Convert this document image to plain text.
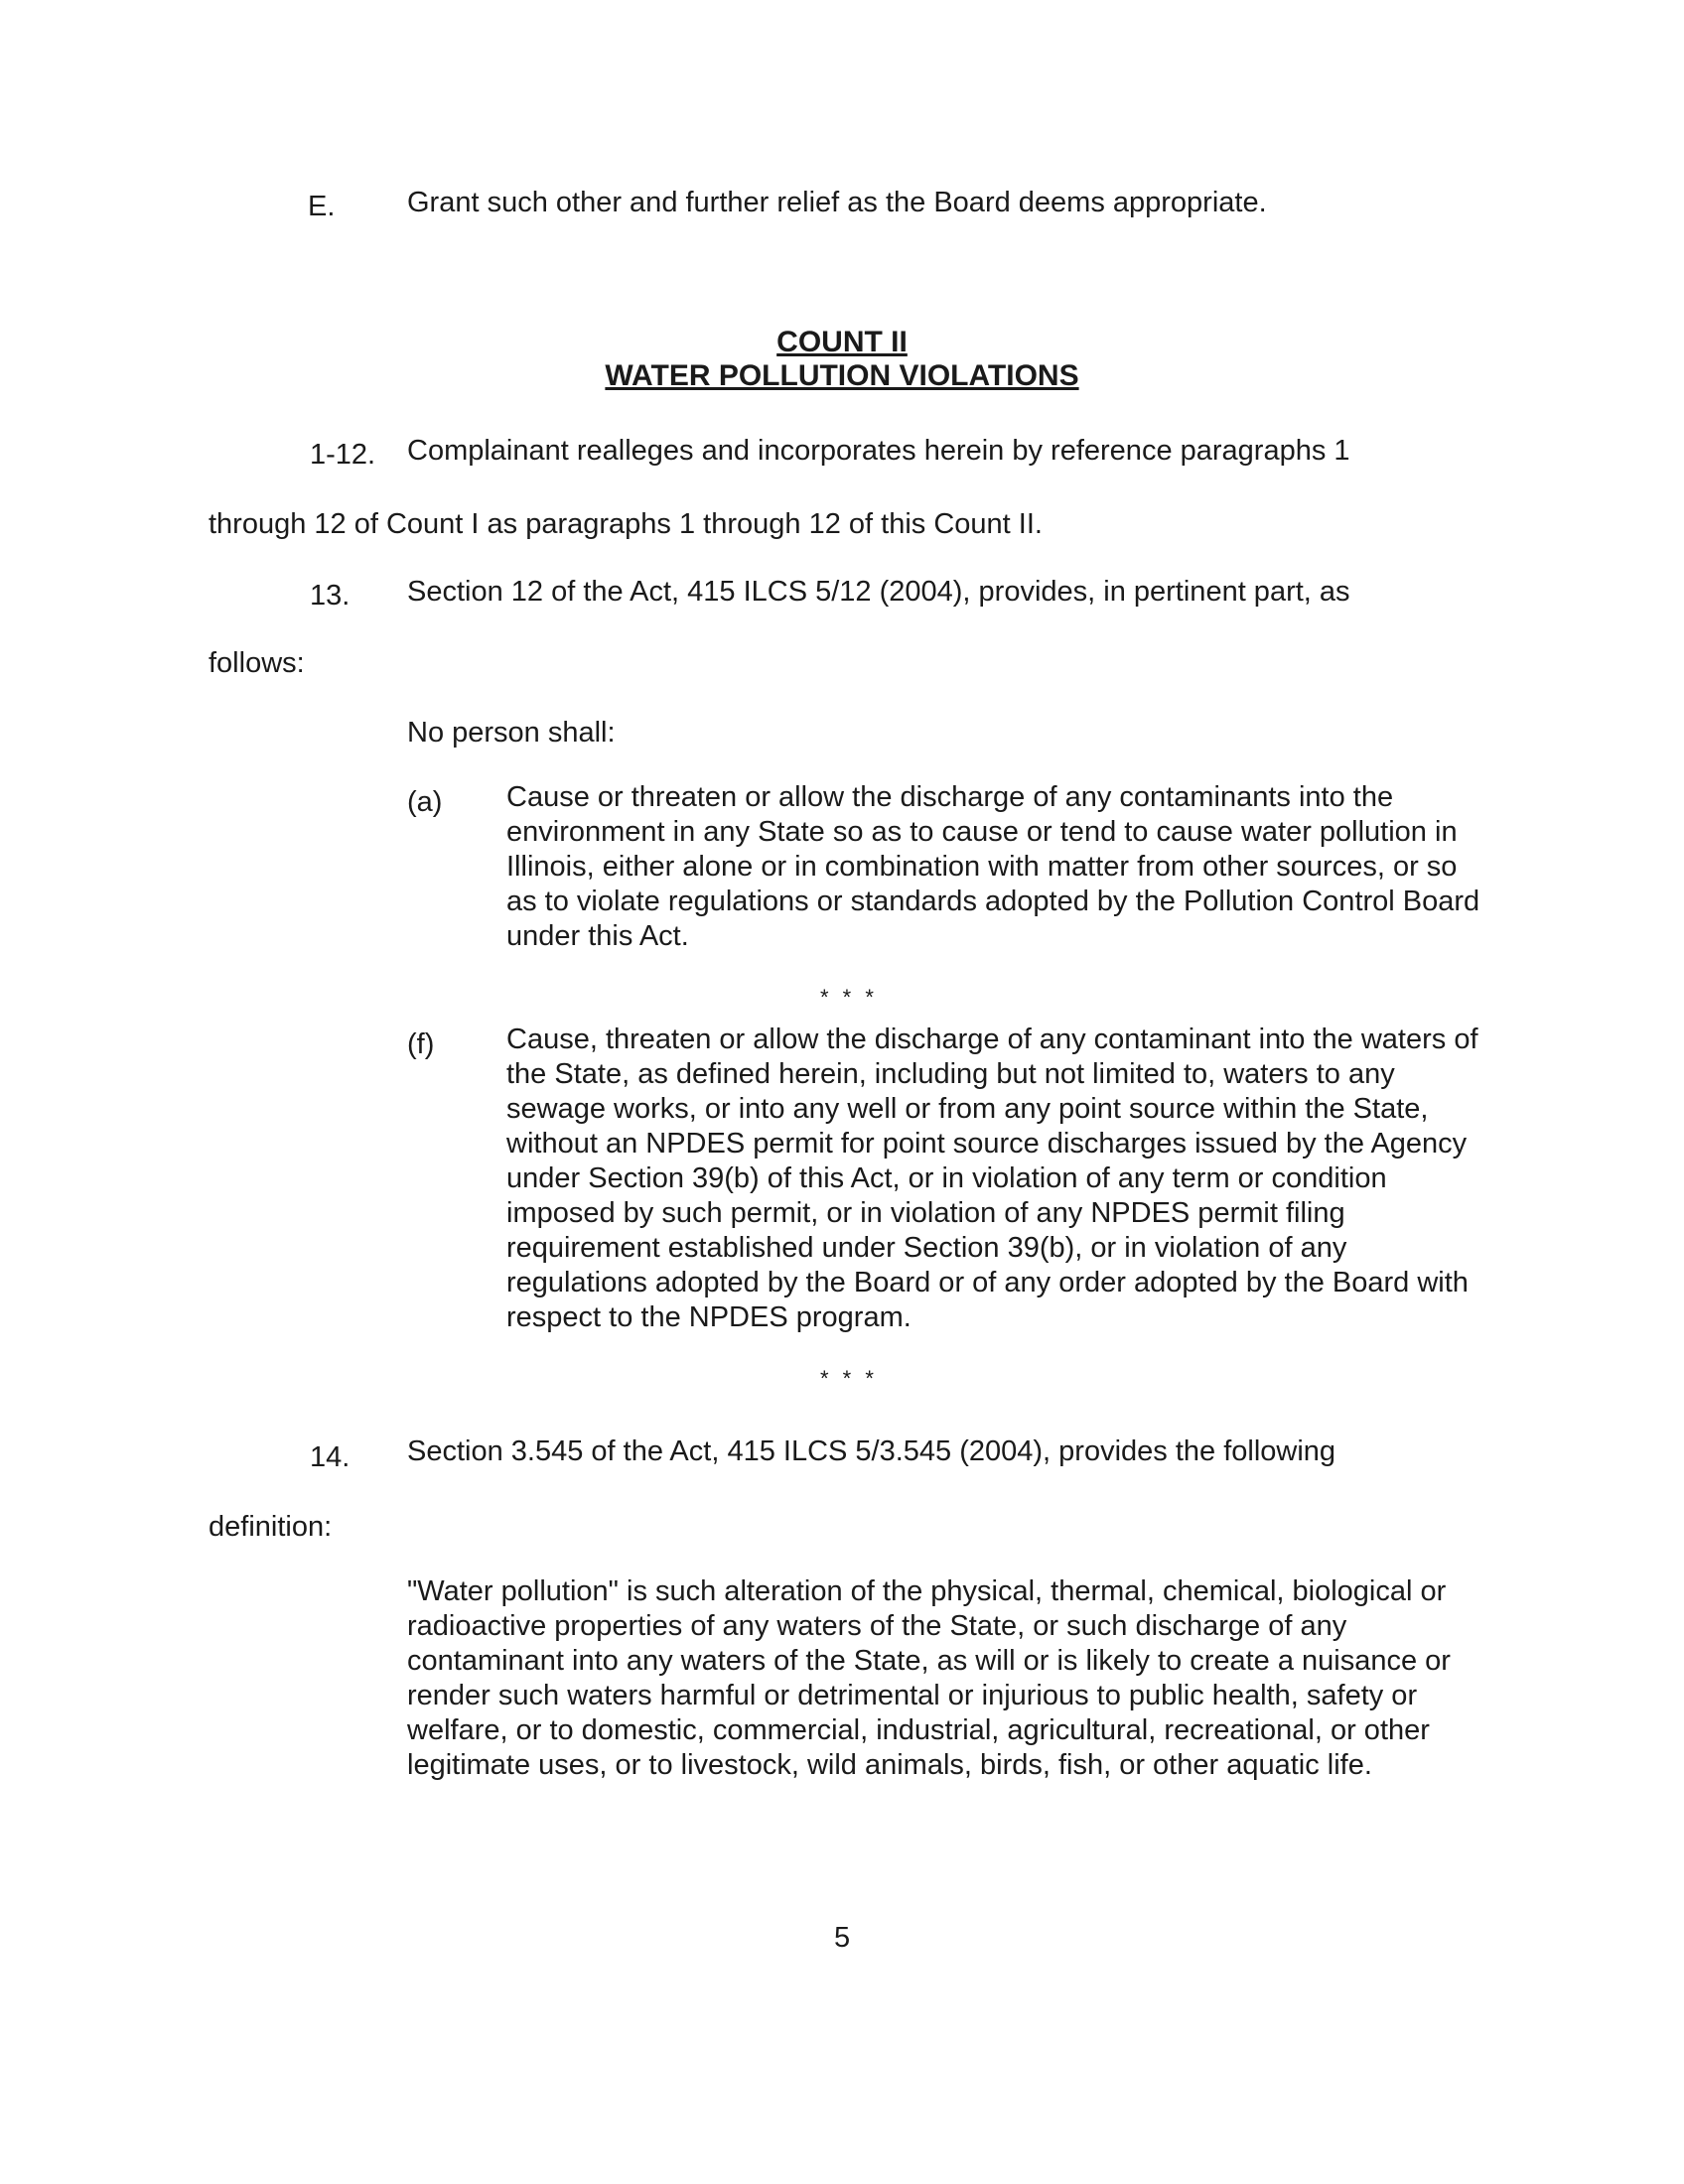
E.	Grant such other and further relief as the Board deems appropriate.
COUNT II
WATER POLLUTION VIOLATIONS
1-12. Complainant realleges and incorporates herein by reference paragraphs 1
through 12 of Count I as paragraphs 1 through 12 of this Count II.
13. Section 12 of the Act, 415 ILCS 5/12 (2004), provides, in pertinent part, as
follows:
No person shall:
(a) Cause or threaten or allow the discharge of any contaminants into the environment in any State so as to cause or tend to cause water pollution in Illinois, either alone or in combination with matter from other sources, or so as to violate regulations or standards adopted by the Pollution Control Board under this Act.
* * *
(f)	Cause, threaten or allow the discharge of any contaminant into the waters of the State, as defined herein, including but not limited to, waters to any sewage works, or into any well or from any point source within the State, without an NPDES permit for point source discharges issued by the Agency under Section 39(b) of this Act, or in violation of any term or condition imposed by such permit, or in violation of any NPDES permit filing requirement established under Section 39(b), or in violation of any regulations adopted by the Board or of any order adopted by the Board with respect to the NPDES program.
* * *
14. Section 3.545 of the Act, 415 ILCS 5/3.545 (2004), provides the following
definition:
"Water pollution" is such alteration of the physical, thermal, chemical, biological or radioactive properties of any waters of the State, or such discharge of any contaminant into any waters of the State, as will or is likely to create a nuisance or render such waters harmful or detrimental or injurious to public health, safety or welfare, or to domestic, commercial, industrial, agricultural, recreational, or other legitimate uses, or to livestock, wild animals, birds, fish, or other aquatic life.
5
